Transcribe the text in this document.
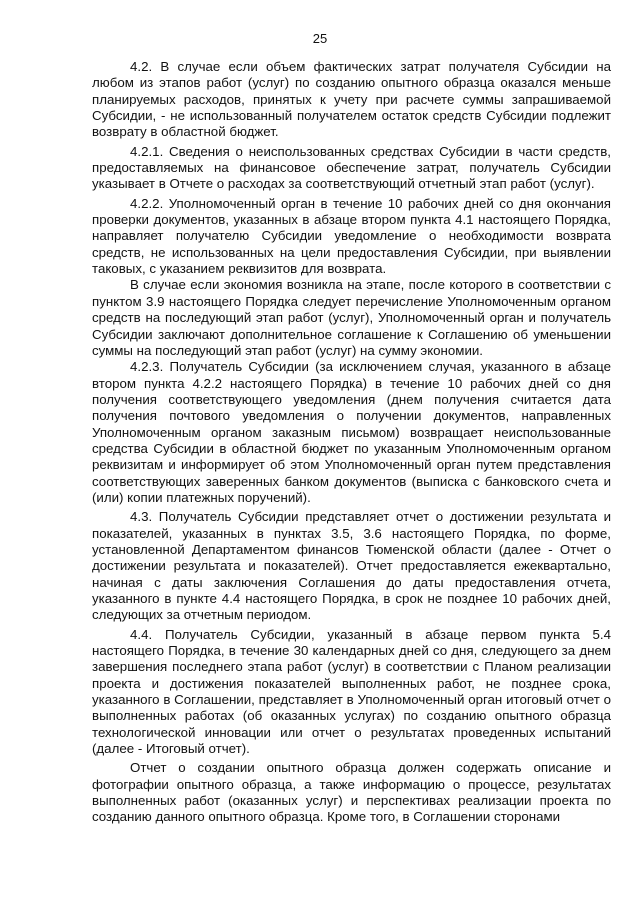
25

4.2. В случае если объем фактических затрат получателя Субсидии на любом из этапов работ (услуг) по созданию опытного образца оказался меньше планируемых расходов, принятых к учету при расчете суммы запрашиваемой Субсидии, - не использованный получателем остаток средств Субсидии подлежит возврату в областной бюджет.

4.2.1. Сведения о неиспользованных средствах Субсидии в части средств, предоставляемых на финансовое обеспечение затрат, получатель Субсидии указывает в Отчете о расходах за соответствующий отчетный этап работ (услуг).

4.2.2. Уполномоченный орган в течение 10 рабочих дней со дня окончания проверки документов, указанных в абзаце втором пункта 4.1 настоящего Порядка, направляет получателю Субсидии уведомление о необходимости возврата средств, не использованных на цели предоставления Субсидии, при выявлении таковых, с указанием реквизитов для возврата.

В случае если экономия возникла на этапе, после которого в соответствии с пунктом 3.9 настоящего Порядка следует перечисление Уполномоченным органом средств на последующий этап работ (услуг), Уполномоченный орган и получатель Субсидии заключают дополнительное соглашение к Соглашению об уменьшении суммы на последующий этап работ (услуг) на сумму экономии.

4.2.3. Получатель Субсидии (за исключением случая, указанного в абзаце втором пункта 4.2.2 настоящего Порядка) в течение 10 рабочих дней со дня получения соответствующего уведомления (днем получения считается дата получения почтового уведомления о получении документов, направленных Уполномоченным органом заказным письмом) возвращает неиспользованные средства Субсидии в областной бюджет по указанным Уполномоченным органом реквизитам и информирует об этом Уполномоченный орган путем представления соответствующих заверенных банком документов (выписка с банковского счета и (или) копии платежных поручений).

4.3. Получатель Субсидии представляет отчет о достижении результата и показателей, указанных в пунктах 3.5, 3.6 настоящего Порядка, по форме, установленной Департаментом финансов Тюменской области (далее - Отчет о достижении результата и показателей). Отчет предоставляется ежеквартально, начиная с даты заключения Соглашения до даты предоставления отчета, указанного в пункте 4.4 настоящего Порядка, в срок не позднее 10 рабочих дней, следующих за отчетным периодом.

4.4. Получатель Субсидии, указанный в абзаце первом пункта 5.4 настоящего Порядка, в течение 30 календарных дней со дня, следующего за днем завершения последнего этапа работ (услуг) в соответствии с Планом реализации проекта и достижения показателей выполненных работ, не позднее срока, указанного в Соглашении, представляет в Уполномоченный орган итоговый отчет о выполненных работах (об оказанных услугах) по созданию опытного образца технологической инновации или отчет о результатах проведенных испытаний (далее - Итоговый отчет).

Отчет о создании опытного образца должен содержать описание и фотографии опытного образца, а также информацию о процессе, результатах выполненных работ (оказанных услуг) и перспективах реализации проекта по созданию данного опытного образца. Кроме того, в Соглашении сторонами
